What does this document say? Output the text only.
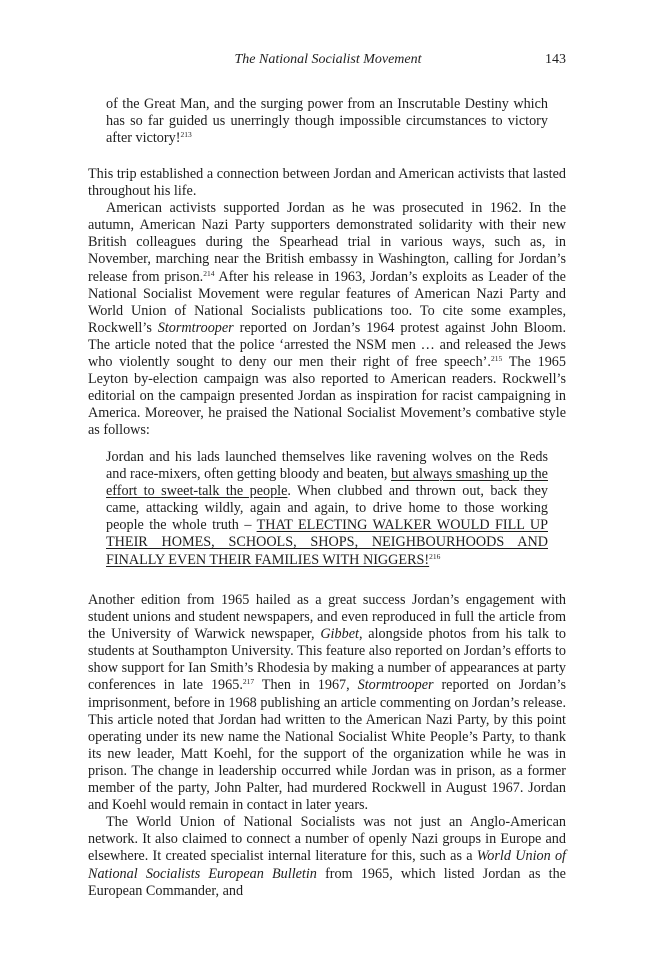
The National Socialist Movement	143

of the Great Man, and the surging power from an Inscrutable Destiny which has so far guided us unerringly though impossible circumstances to victory after victory!$^{213}$

This trip established a connection between Jordan and American activists that lasted throughout his life.

American activists supported Jordan as he was prosecuted in 1962. In the autumn, American Nazi Party supporters demonstrated solidarity with their new British colleagues during the Spearhead trial in various ways, such as, in November, marching near the British embassy in Washington, calling for Jordan’s release from prison.$^{214}$ After his release in 1963, Jordan’s exploits as Leader of the National Socialist Movement were regular features of American Nazi Party and World Union of National Socialists publications too. To cite some examples, Rockwell’s Stormtrooper reported on Jordan’s 1964 protest against John Bloom. The article noted that the police ‘arrested the NSM men … and released the Jews who violently sought to deny our men their right of free speech’.$^{215}$ The 1965 Leyton by-election campaign was also reported to American readers. Rockwell’s editorial on the campaign presented Jordan as inspiration for racist campaigning in America. Moreover, he praised the National Socialist Movement’s combative style as follows:

Jordan and his lads launched themselves like ravening wolves on the Reds and race-mixers, often getting bloody and beaten, but always smashing up the effort to sweet-talk the people. When clubbed and thrown out, back they came, attacking wildly, again and again, to drive home to those working people the whole truth – THAT ELECTING WALKER WOULD FILL UP THEIR HOMES, SCHOOLS, SHOPS, NEIGHBOURHOODS AND FINALLY EVEN THEIR FAMILIES WITH NIGGERS!$^{216}$

Another edition from 1965 hailed as a great success Jordan’s engagement with student unions and student newspapers, and even reproduced in full the article from the University of Warwick newspaper, Gibbet, alongside photos from his talk to students at Southampton University. This feature also reported on Jordan’s efforts to show support for Ian Smith’s Rhodesia by making a number of appearances at party conferences in late 1965.$^{217}$ Then in 1967, Stormtrooper reported on Jordan’s imprisonment, before in 1968 publishing an article commenting on Jordan’s release. This article noted that Jordan had written to the American Nazi Party, by this point operating under its new name the National Socialist White People’s Party, to thank its new leader, Matt Koehl, for the support of the organization while he was in prison. The change in leadership occurred while Jordan was in prison, as a former member of the party, John Palter, had murdered Rockwell in August 1967. Jordan and Koehl would remain in contact in later years.

The World Union of National Socialists was not just an Anglo-American network. It also claimed to connect a number of openly Nazi groups in Europe and elsewhere. It created specialist internal literature for this, such as a World Union of National Socialists European Bulletin from 1965, which listed Jordan as the European Commander, and
